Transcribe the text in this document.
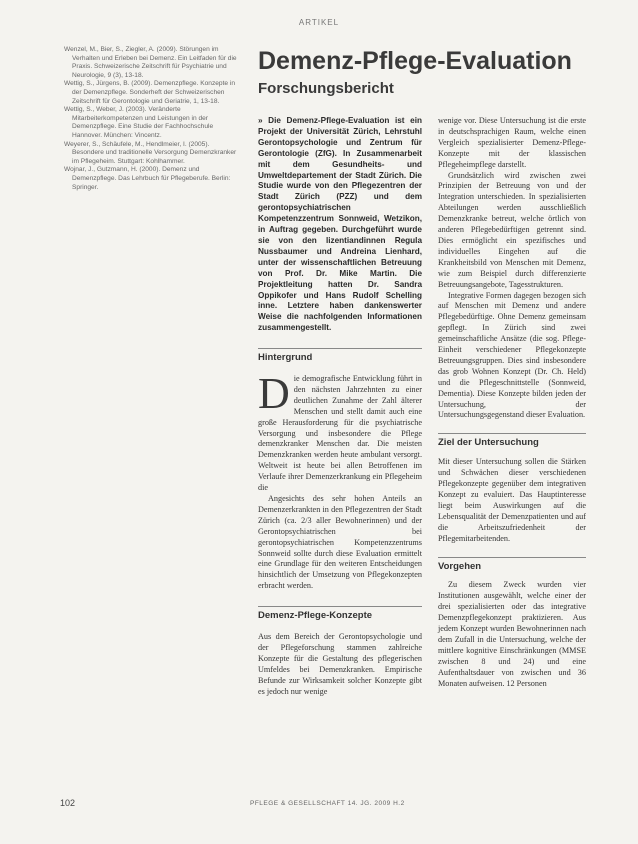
ARTIKEL

Wenzel, M., Bier, S., Ziegler, A. (2009). Störungen im Verhalten und Erleben bei Demenz. Ein Leitfaden für die Praxis. Schweizerische Zeitschrift für Psychiatrie und Neurologie, 9 (3), 13-18.

Wettig, S., Jürgens, B. (2009). Demenzpflege. Konzepte in der Demenzpflege. Sonderheft der Schweizerischen Zeitschrift für Gerontologie und Geriatrie, 1, 13-18.

Wettig, S., Weber, J. (2003). Veränderte Mitarbeiterkompetenzen und Leistungen in der Demenzpflege. Eine Studie der Fachhochschule Hannover. München: Vincentz.

Weyerer, S., Schäufele, M., Hendlmeier, I. (2005). Besondere und traditionelle Versorgung Demenzkranker im Pflegeheim. Stuttgart: Kohlhammer.

Wojnar, J., Gutzmann, H. (2000). Demenz und Demenzpflege. Das Lehrbuch für Pflegeberufe. Berlin: Springer.

Demenz-Pflege-Evaluation
Forschungsbericht

» Die Demenz-Pflege-Evaluation ist ein Projekt der Universität Zürich, Lehrstuhl Gerontopsychologie und Zentrum für Gerontologie (ZfG). In Zusammenarbeit mit dem Gesundheits- und Umweltdepartement der Stadt Zürich. Die Studie wurde von den Pflegezentren der Stadt Zürich (PZZ) und dem gerontopsychiatrischen Kompetenzzentrum Sonnweid, Wetzikon, in Auftrag gegeben. Durchgeführt wurde sie von den lizentiandinnen Regula Nussbaumer und Andreina Lienhard, unter der wissenschaftlichen Betreuung von Prof. Dr. Mike Martin. Die Projektleitung hatten Dr. Sandra Oppikofer und Hans Rudolf Schelling inne. Letztere haben dankenswerter Weise die nachfolgenden Informationen zusammengestellt.

Hintergrund

Die demografische Entwicklung führt in den nächsten Jahrzehnten zu einer deutlichen Zunahme der Zahl älterer Menschen und stellt damit auch eine große Herausforderung für die psychiatrische Versorgung und insbesondere die Pflege demenzkranker Menschen dar. Die meisten Demenzkranken werden heute ambulant versorgt. Weltweit ist heute bei allen Betroffenen im Verlaufe ihrer Demenzerkrankung ein Pflegeheim die

Angesichts des sehr hohen Anteils an Demenzerkrankten in den Pflegezentren der Stadt Zürich (ca. 2/3 aller Bewohnerinnen) und der Gerontopsychiatrischen bei gerontopsychiatrischen Kompetenzzentrums Sonnweid sollte durch diese Evaluation ermittelt eine Grundlage für den weiteren Entscheidungen hinsichtlich der Umsetzung von Pflegekonzepten erbracht werden.

Demenz-Pflege-Konzepte

Aus dem Bereich der Gerontopsychologie und der Pflegeforschung stammen zahlreiche Konzepte für die Gestaltung des pflegerischen Umfeldes bei Demenzkranken. Empirische Befunde zur Wirksamkeit solcher Konzepte gibt es jedoch nur wenige

wenige vor. Diese Untersuchung ist die erste in deutschsprachigen Raum, welche einen Vergleich spezialisierter Demenz-Pflege-Konzepte mit der klassischen Pflegeheimpflege darstellt.

Grundsätzlich wird zwischen zwei Prinzipien der Betreuung von und der Integration unterschieden. In spezialisierten Abteilungen werden ausschließlich Demenzkranke betreut, welche örtlich von anderen Pflegebedürftigen getrennt sind. Dies ermöglicht ein spezifisches und individuelles Eingehen auf die Krankheitsbild von Menschen mit Demenz, wie zum Beispiel durch differenzierte Betreuungsangebote, Tagesstrukturen.

Integrative Formen dagegen bezogen sich auf Menschen mit Demenz und andere Pflegebedürftige. Ohne Demenz gemeinsam gepflegt. In Zürich sind zwei gemeinschaftliche Ansätze (die sog. Pflege-Einheit verschiedener Pflegekonzepte Betreuungsgruppen. Dies sind insbesondere das grob Wohnen Konzept (Dr. Ch. Held) und die Pflegeschnittstelle (Sonnweid, Dementia). Diese Konzepte bilden jeden der Untersuchung, der Untersuchungsgegenstand dieser Evaluation.

Ziel der Untersuchung

Mit dieser Untersuchung sollen die Stärken und Schwächen dieser verschiedenen Pflegekonzepte gegenüber dem integrativen Konzept zu evaluiert. Das Hauptinteresse liegt beim Auswirkungen auf die Lebensqualität der Demenzpatienten und auf die Arbeitszufriedenheit der Pflegemitarbeitenden.

Vorgehen

Zu diesem Zweck wurden vier Institutionen ausgewählt, welche einer der drei spezialisierten oder das integrative Demenzpflegekonzept praktizieren. Aus jedem Konzept wurden Bewohnerinnen nach dem Zufall in die Untersuchung, welche der mittlere kognitive Einschränkungen (MMSE zwischen 8 und 24) und eine Aufenthaltsdauer von zwischen und 36 Monaten aufweisen. 12 Personen

102	PFLEGE & GESELLSCHAFT 14. JG. 2009 H.2
